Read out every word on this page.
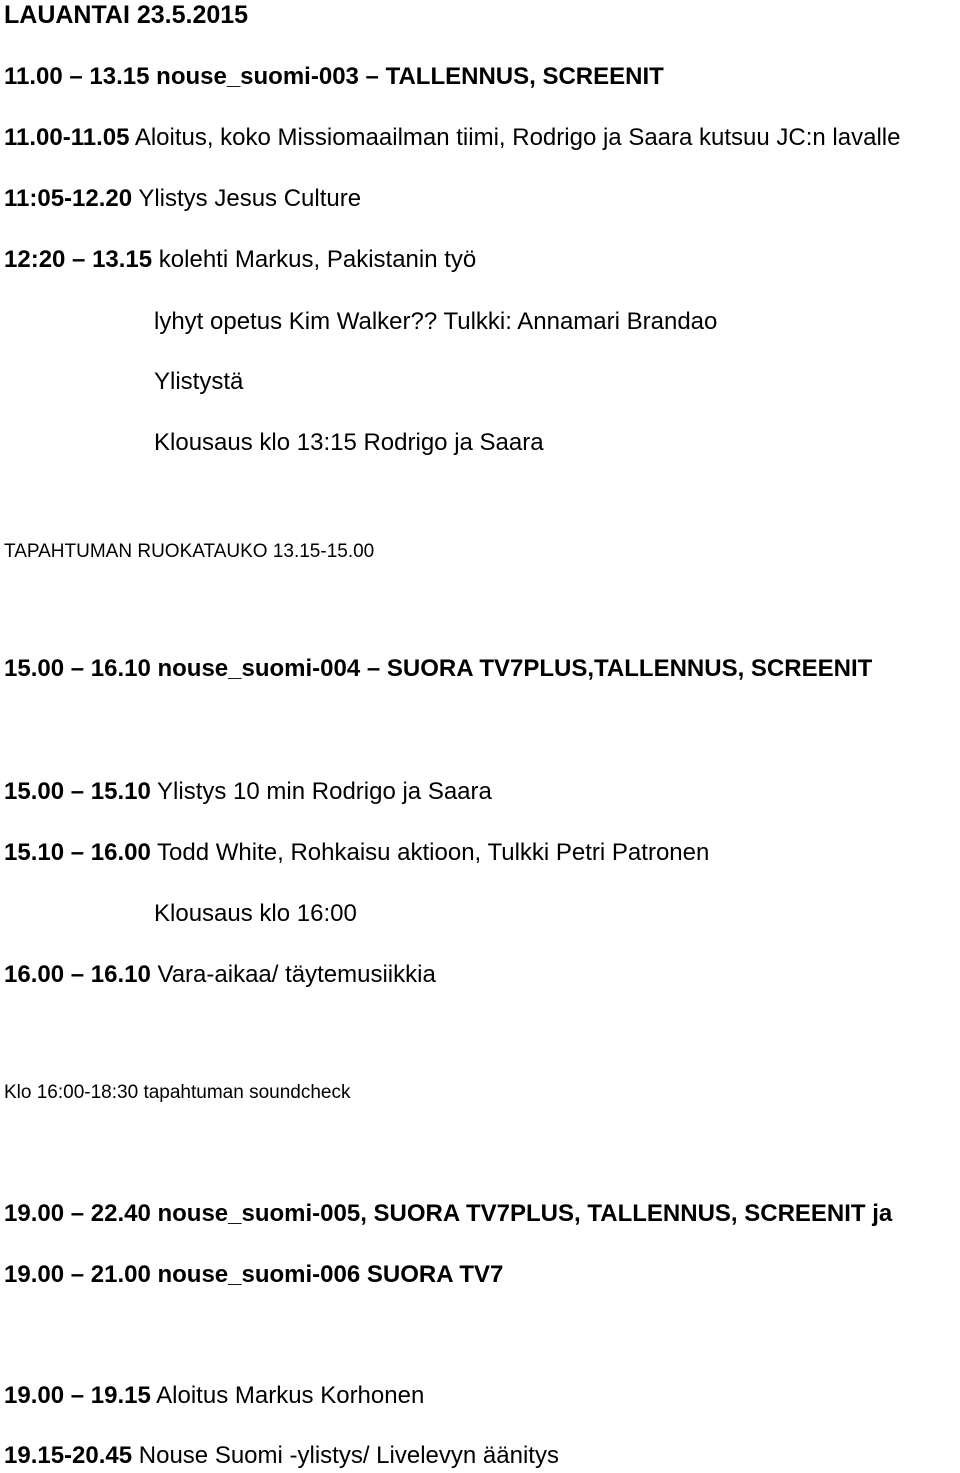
LAUANTAI 23.5.2015

11.00 – 13.15 nouse_suomi-003 – TALLENNUS, SCREENIT

11.00-11.05 Aloitus, koko Missiomaailman tiimi, Rodrigo ja Saara kutsuu JC:n lavalle

11:05-12.20 Ylistys Jesus Culture

12:20 – 13.15 kolehti Markus, Pakistanin työ

lyhyt opetus Kim Walker?? Tulkki: Annamari Brandao

Ylistystä

Klousaus klo 13:15 Rodrigo ja Saara

TAPAHTUMAN RUOKATAUKO 13.15-15.00

15.00 – 16.10 nouse_suomi-004 – SUORA TV7PLUS,TALLENNUS, SCREENIT

15.00 – 15.10 Ylistys 10 min Rodrigo ja Saara

15.10 – 16.00 Todd White, Rohkaisu aktioon, Tulkki Petri Patronen

Klousaus klo 16:00

16.00 – 16.10 Vara-aikaa/ täytemusiikkia

Klo 16:00-18:30 tapahtuman soundcheck

19.00 – 22.40 nouse_suomi-005, SUORA TV7PLUS, TALLENNUS, SCREENIT ja

19.00 – 21.00 nouse_suomi-006 SUORA TV7

19.00 – 19.15 Aloitus Markus Korhonen

19.15-20.45 Nouse Suomi -ylistys/ Livelevyn äänitys
